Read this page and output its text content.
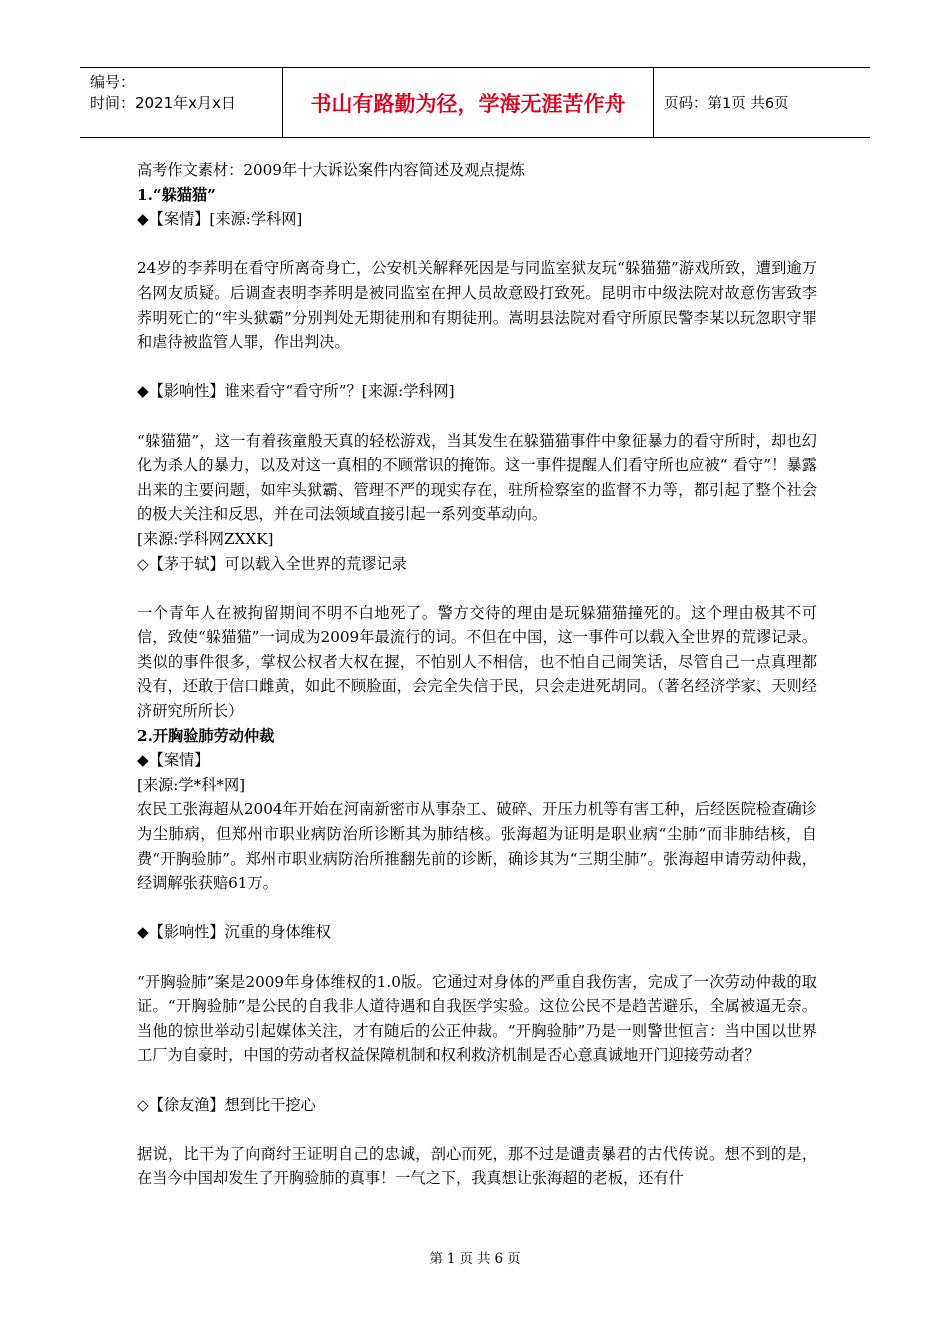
编号：
时间：2021年x月x日	书山有路勤为径，学海无涯苦作舟	页码：第1页 共6页

高考作文素材：2009年十大诉讼案件内容简述及观点提炼

1.“躲猫猫”

◆【案情】[来源:学科网]

24岁的李荞明在看守所离奇身亡，公安机关解释死因是与同监室狱友玩“躲猫猫”游戏所致，遭到逾万名网友质疑。后调查表明李荞明是被同监室在押人员故意殴打致死。昆明市中级法院对故意伤害致李荞明死亡的“牢头狱霸”分别判处无期徒刑和有期徒刑。嵩明县法院对看守所原民警李某以玩忽职守罪和虐待被监管人罪，作出判决。

◆【影响性】谁来看守“看守所”？[来源:学科网]

“躲猫猫”，这一有着孩童般天真的轻松游戏，当其发生在躲猫猫事件中象征暴力的看守所时，却也幻化为杀人的暴力，以及对这一真相的不顾常识的掩饰。这一事件提醒人们看守所也应被“ 看守”！暴露出来的主要问题，如牢头狱霸、管理不严的现实存在，驻所检察室的监督不力等，都引起了整个社会的极大关注和反思，并在司法领域直接引起一系列变革动向。

[来源:学科网ZXXK]

◇【茅于轼】可以载入全世界的荒谬记录

一个青年人在被拘留期间不明不白地死了。警方交待的理由是玩躲猫猫撞死的。这个理由极其不可信，致使“躲猫猫”一词成为2009年最流行的词。不但在中国，这一事件可以载入全世界的荒谬记录。类似的事件很多，掌权公权者大权在握，不怕别人不相信，也不怕自己闹笑话，尽管自己一点真理都没有，还敢于信口雌黄，如此不顾脸面，会完全失信于民，只会走进死胡同。（著名经济学家、天则经济研究所所长）

2.开胸验肺劳动仲裁

◆【案情】

[来源:学*科*网]

农民工张海超从2004年开始在河南新密市从事杂工、破碎、开压力机等有害工种，后经医院检查确诊为尘肺病，但郑州市职业病防治所诊断其为肺结核。张海超为证明是职业病“尘肺”而非肺结核，自费“开胸验肺”。郑州市职业病防治所推翻先前的诊断，确诊其为“三期尘肺”。张海超申请劳动仲裁，经调解张获赔61万。

◆【影响性】沉重的身体维权

“开胸验肺”案是2009年身体维权的1.0版。它通过对身体的严重自我伤害，完成了一次劳动仲裁的取证。“开胸验肺”是公民的自我非人道待遇和自我医学实验。这位公民不是趋苦避乐，全属被逼无奈。当他的惊世举动引起媒体关注，才有随后的公正仲裁。“开胸验肺”乃是一则警世恒言：当中国以世界工厂为自豪时，中国的劳动者权益保障机制和权利救济机制是否心意真诚地开门迎接劳动者？

◇【徐友渔】想到比干挖心

据说，比干为了向商纣王证明自己的忠诚，剖心而死，那不过是谴责暴君的古代传说。想不到的是，在当今中国却发生了开胸验肺的真事！一气之下，我真想让张海超的老板，还有什

第 1 页 共 6 页
